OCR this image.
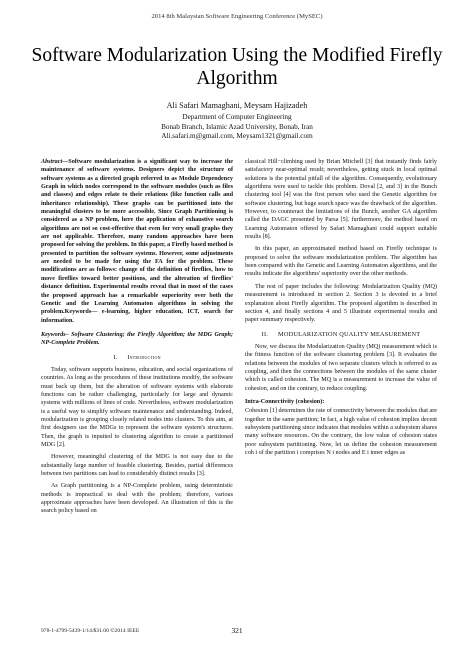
2014 8th Malaysian Software Engineering Conference (MySEC)
Software Modularization Using the Modified Firefly Algorithm
Ali Safari Mamaghani, Meysam Hajizadeh
Department of Computer Engineering
Bonab Branch, Islamic Azad University, Bonab, Iran
Ali.safari.m@gmail.com, Meysam1321@gmail.com
Abstract—Software modularization is a significant way to increase the maintenance of software systems. Designers depict the structure of software systems as a directed graph referred to as Module Dependency Graph in which nodes correspond to the software modules (such as files and classes) and edges relate to their relations (like function calls and inheritance relationship). These graphs can be partitioned into the meaningful clusters to be more accessible. Since Graph Partitioning is considered as a NP problem, here the application of exhaustive search algorithms are not so cost-effective that even for very small graphs they are not applicable. Therefore, many random approaches have been proposed for solving the problem. In this paper, a Firefly based method is presented to partition the software systems. However, some adjustments are needed to be made for using the FA for the problem. These modifications are as follows: change of the definition of fireflies, how to move fireflies toward better positions, and the alteration of fireflies' distance definition. Experimental results reveal that in most of the cases the proposed approach has a remarkable superiority over both the Genetic and the Learning Automaton algorithms in solving the problem.Keywords— e-learning, higher education, ICT, search for information.
Keywords– Software Clustering; the Firefly Algorithm; the MDG Graph; NP-Complete Problem.
I. Introduction

Today, software supports business, education, and social organizations of countries. As long as the procedures of these institutions modify, the software must back up them, but the alteration of software systems with elaborate functions can be rather challenging, particularly for large and dynamic systems with millions of lines of code. Nevertheless, software modularization is a useful way to simplify software maintenance and understanding. Indeed, modularization is grouping closely related nodes into clusters. To this aim, at first designers use the MDGs to represent the software system's structures. Then, the graph is inputted to clustering algorithm to create a partitioned MDG [2].

However, meaningful clustering of the MDG is not easy due to the substantially large number of feasible clustering. Besides, partial differences between two partitions can lead to considerably distinct results [3].

As Graph partitioning is a NP-Complete problem, using deterministic methods is impractical to deal with the problem; therefore, various approximate approaches have been developed. An illustration of this is the search policy based on

classical Hill−climbing used by Brian Mitchell [3] that instantly finds fairly satisfactory near-optimal result; nevertheless, getting stuck in local optimal solutions is the potential pitfall of the algorithm. Consequently, evolutionary algorithms were used to tackle this problem. Doval [2, and 3] in the Bunch clustering tool [4] was the first person who used the Genetic algorithm for software clustering, but huge search space was the drawback of the algorithm. However, to counteract the limitations of the Bunch, another GA algorithm called the DAGC presented by Parsa [5]. furthermore, the method based on Learning Automaton offered by Safari Mamaghani could support suitable results [8].

In this paper, an approximated method based on Firefly technique is proposed to solve the software modularization problem. The algorithm has been compared with the Genetic and Learning Automaton algorithms, and the results indicate the algorithms' superiority over the other methods.

The rest of paper includes the following: Modularization Quality (MQ) measurement is introduced in section 2. Section 3 is devoted to a brief explanation about Firefly algorithm. The proposed algorithm is described in section 4, and finally sections 4 and 5 illustrate experimental results and paper summary respectively.

II. MODULARIZATION QUALITY MEASUREMENT

Now, we discuss the Modularization Quality (MQ) measurement which is the fitness function of the software clustering problem [3]. It evaluates the relations between the modules of two separate clusters which is referred to as coupling, and then the connections between the modules of the same cluster which is called cohesion. The MQ is a measurement to increase the value of cohesion, and on the contrary, to reduce coupling.

Intra-Connectivity (cohesion):

Cohesion [1] determines the rate of connectivity between the modules that are together in the same partition; In fact, a high value of cohesion implies decent subsystem partitioning since indicates that modules within a subsystem shares many software resources. On the contrary, the low value of cohesion states poor subsystem partitioning. Now, let us define the cohesion measurement coh i of the partition i comprises N i nodes and E i inner edges as

978-1-4799-5439-1/14/$31.00 ©2014 IEEE	321
